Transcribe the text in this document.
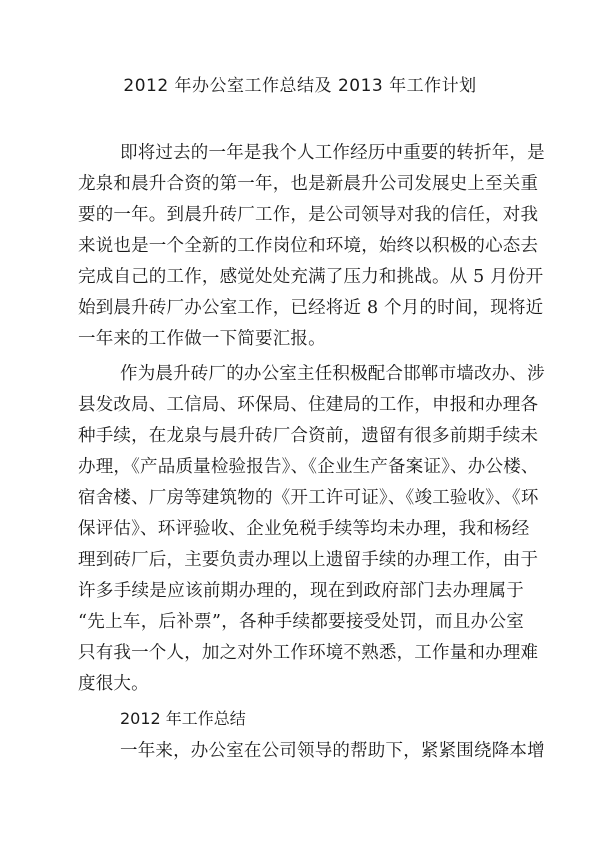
2012 年办公室工作总结及 2013 年工作计划
即将过去的一年是我个人工作经历中重要的转折年，是
龙泉和晨升合资的第一年，也是新晨升公司发展史上至关重
要的一年。到晨升砖厂工作，是公司领导对我的信任，对我
来说也是一个全新的工作岗位和环境，始终以积极的心态去
完成自己的工作，感觉处处充满了压力和挑战。从 5 月份开
始到晨升砖厂办公室工作，已经将近 8 个月的时间，现将近
一年来的工作做一下简要汇报。
作为晨升砖厂的办公室主任积极配合邯郸市墙改办、涉
县发改局、工信局、环保局、住建局的工作，申报和办理各
种手续，在龙泉与晨升砖厂合资前，遗留有很多前期手续未
办理，《产品质量检验报告》、《企业生产备案证》、办公楼、
宿舍楼、厂房等建筑物的《开工许可证》、《竣工验收》、《环
保评估》、环评验收、企业免税手续等均未办理，我和杨经
理到砖厂后，主要负责办理以上遗留手续的办理工作，由于
许多手续是应该前期办理的，现在到政府部门去办理属于
“先上车，后补票”，各种手续都要接受处罚，而且办公室
只有我一个人，加之对外工作环境不熟悉，工作量和办理难
度很大。
2012 年工作总结
一年来，办公室在公司领导的帮助下，紧紧围绕降本增
